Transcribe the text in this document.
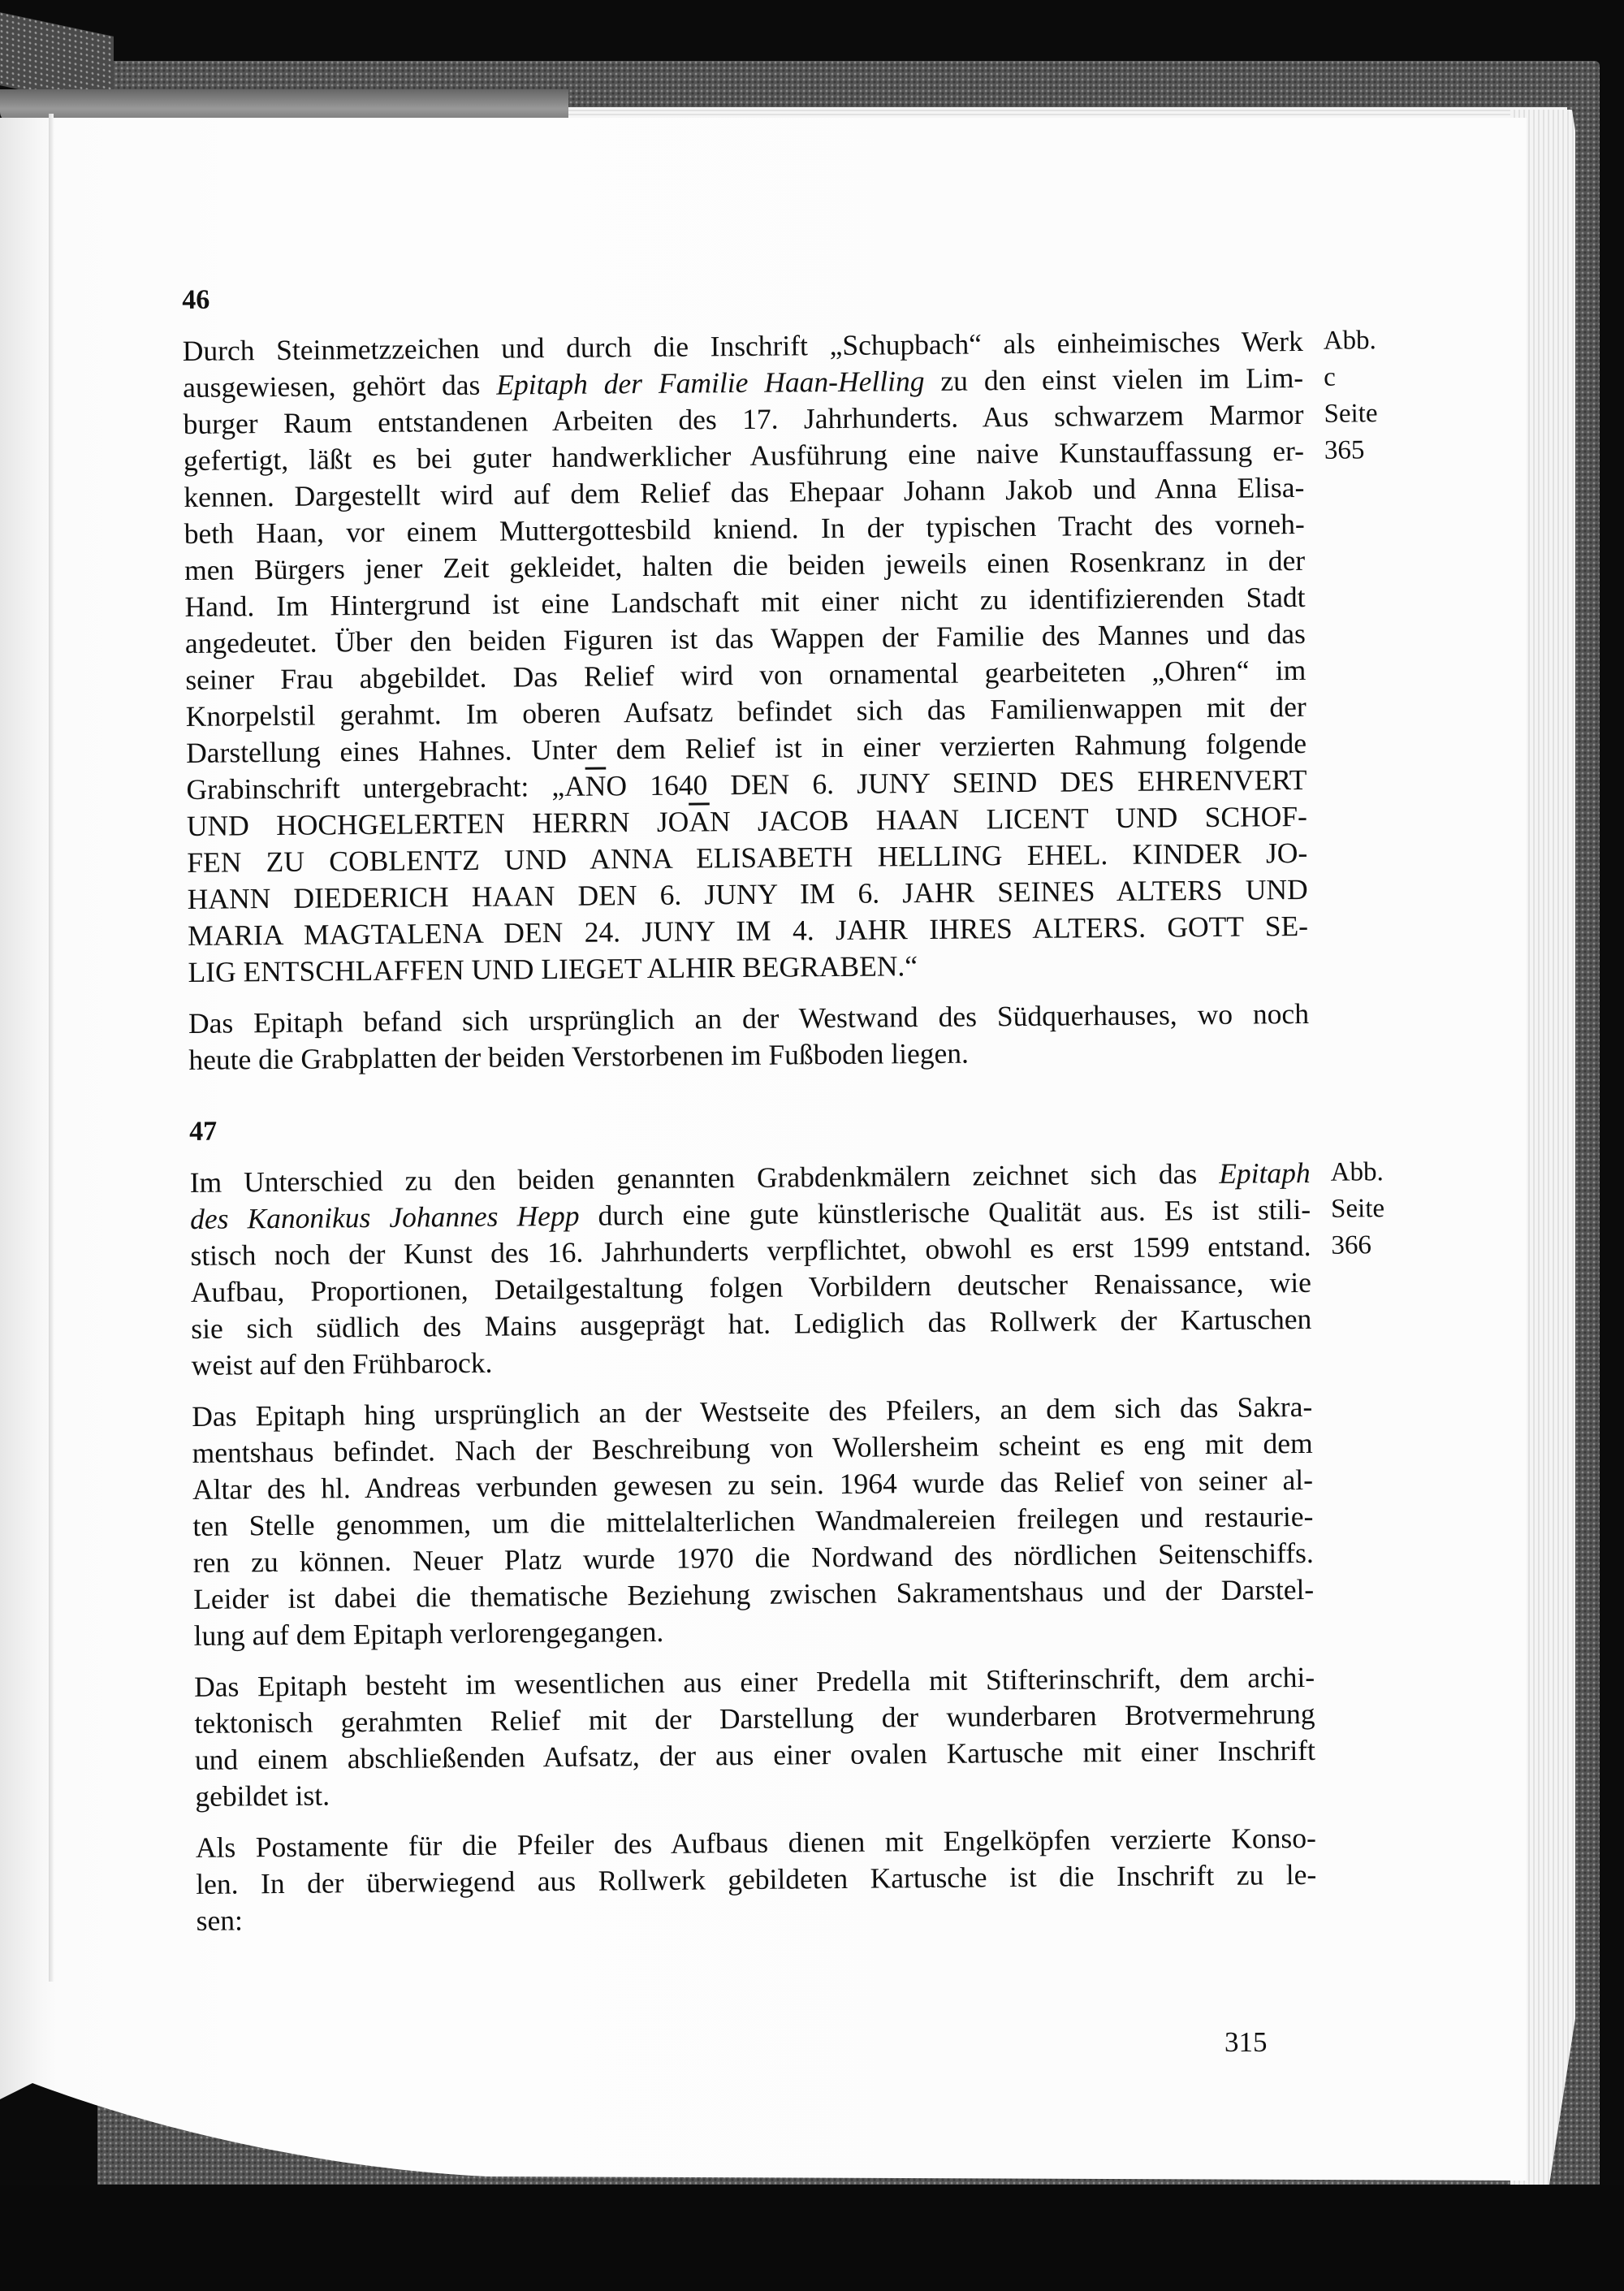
46
Abb. c
Seite 365
Durch Steinmetzzeichen und durch die Inschrift „Schupbach“ als einheimisches Werk
ausgewiesen, gehört das Epitaph der Familie Haan-Helling zu den einst vielen im Lim-
burger Raum entstandenen Arbeiten des 17. Jahrhunderts. Aus schwarzem Marmor
gefertigt, läßt es bei guter handwerklicher Ausführung eine naive Kunstauffassung er-
kennen. Dargestellt wird auf dem Relief das Ehepaar Johann Jakob und Anna Elisa-
beth Haan, vor einem Muttergottesbild kniend. In der typischen Tracht des vorneh-
men Bürgers jener Zeit gekleidet, halten die beiden jeweils einen Rosenkranz in der
Hand. Im Hintergrund ist eine Landschaft mit einer nicht zu identifizierenden Stadt
angedeutet. Über den beiden Figuren ist das Wappen der Familie des Mannes und das
seiner Frau abgebildet. Das Relief wird von ornamental gearbeiteten „Ohren“ im
Knorpelstil gerahmt. Im oberen Aufsatz befindet sich das Familienwappen mit der
Darstellung eines Hahnes. Unter dem Relief ist in einer verzierten Rahmung folgende
Grabinschrift untergebracht: $„A\overline{N}O$ 1640 DEN 6. JUNY SEIND DES EHRENVERT
UND HOCHGELERTEN HERRN $JO\overline{A}N$ JACOB HAAN LICENT UND SCHOF-
FEN ZU COBLENTZ UND ANNA ELISABETH HELLING EHEL. KINDER JO-
HANN DIEDERICH HAAN DEN 6. JUNY IM 6. JAHR SEINES ALTERS UND
MARIA MAGTALENA DEN 24. JUNY IM 4. JAHR IHRES ALTERS. GOTT SE-
LIG ENTSCHLAFFEN UND LIEGET ALHIR BEGRABEN.“
Das Epitaph befand sich ursprünglich an der Westwand des Südquerhauses, wo noch
heute die Grabplatten der beiden Verstorbenen im Fußboden liegen.
47
Abb.
Seite 366
Im Unterschied zu den beiden genannten Grabdenkmälern zeichnet sich das Epitaph
des Kanonikus Johannes Hepp durch eine gute künstlerische Qualität aus. Es ist stili-
stisch noch der Kunst des 16. Jahrhunderts verpflichtet, obwohl es erst 1599 entstand.
Aufbau, Proportionen, Detailgestaltung folgen Vorbildern deutscher Renaissance, wie
sie sich südlich des Mains ausgeprägt hat. Lediglich das Rollwerk der Kartuschen
weist auf den Frühbarock.
Das Epitaph hing ursprünglich an der Westseite des Pfeilers, an dem sich das Sakra-
mentshaus befindet. Nach der Beschreibung von Wollersheim scheint es eng mit dem
Altar des hl. Andreas verbunden gewesen zu sein. 1964 wurde das Relief von seiner al-
ten Stelle genommen, um die mittelalterlichen Wandmalereien freilegen und restaurie-
ren zu können. Neuer Platz wurde 1970 die Nordwand des nördlichen Seitenschiffs.
Leider ist dabei die thematische Beziehung zwischen Sakramentshaus und der Darstel-
lung auf dem Epitaph verlorengegangen.
Das Epitaph besteht im wesentlichen aus einer Predella mit Stifterinschrift, dem archi-
tektonisch gerahmten Relief mit der Darstellung der wunderbaren Brotvermehrung
und einem abschließenden Aufsatz, der aus einer ovalen Kartusche mit einer Inschrift
gebildet ist.
Als Postamente für die Pfeiler des Aufbaus dienen mit Engelköpfen verzierte Konso-
len. In der überwiegend aus Rollwerk gebildeten Kartusche ist die Inschrift zu le-
sen:
315
